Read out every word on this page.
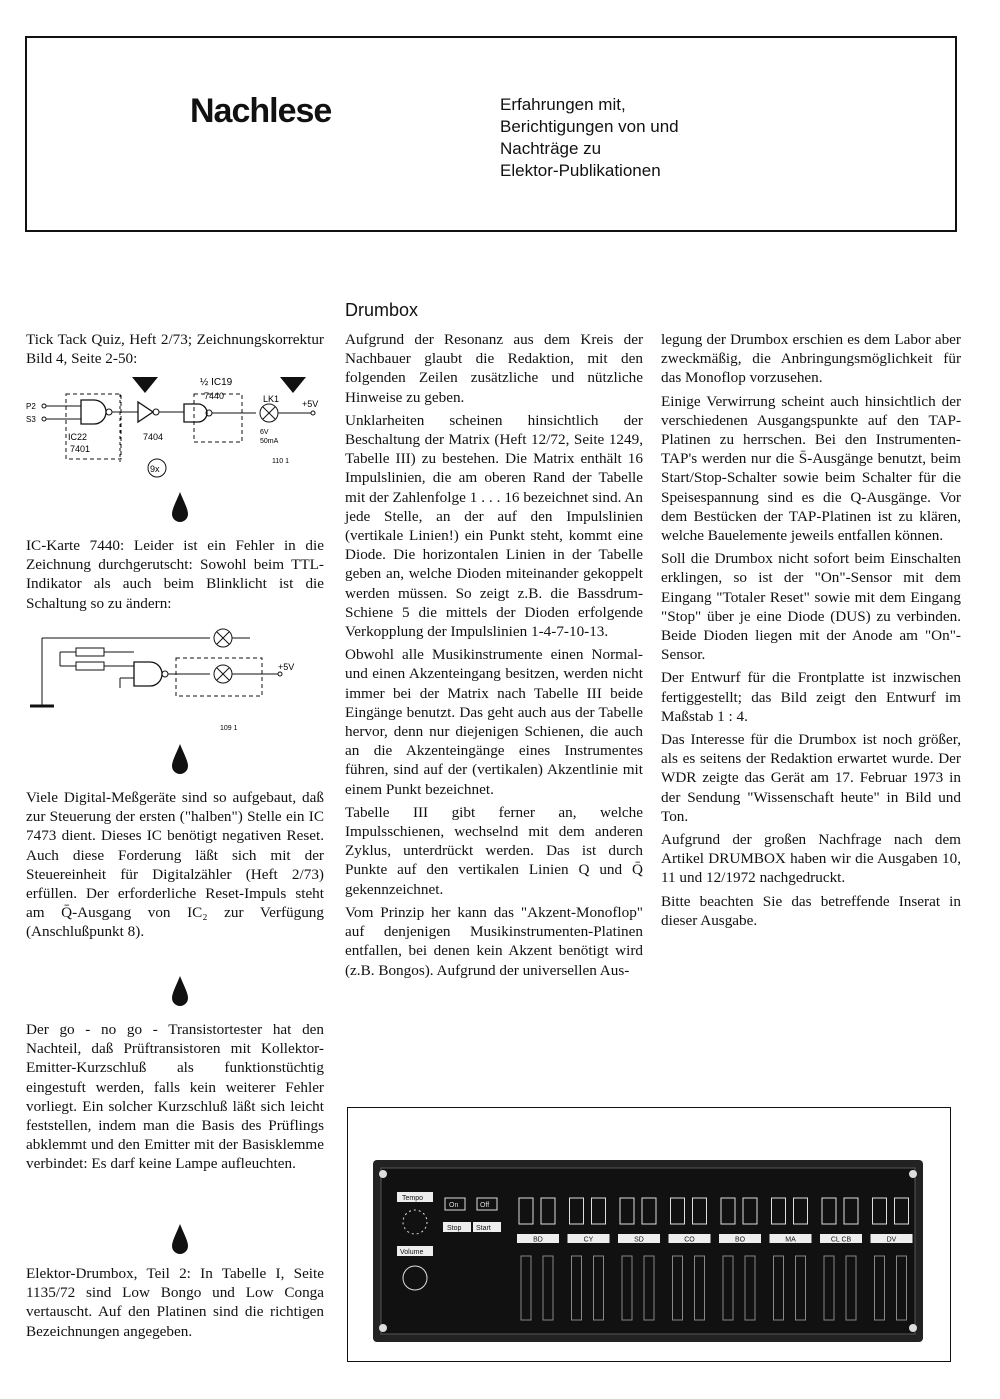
Nachlese	Erfahrungen mit,
Berichtigungen von und
Nachträge zu
Elektor-Publikationen
Tick Tack Quiz, Heft 2/73; Zeichnungskorrektur Bild 4, Seite 2-50:
½ IC19
7440	LK1	+5V
P2
S3
IC22
7401
7404	6V
50mA
9x
110 1
IC-Karte 7440: Leider ist ein Fehler in die Zeichnung durchgerutscht: Sowohl beim TTL-Indikator als auch beim Blinklicht ist die Schaltung so zu ändern:
+5V
109 1
Viele Digital-Meßgeräte sind so aufgebaut, daß zur Steuerung der ersten ("halben") Stelle ein IC 7473 dient. Dieses IC benötigt negativen Reset. Auch diese Forderung läßt sich mit der Steuereinheit für Digitalzähler (Heft 2/73) erfüllen. Der erforderliche Reset-Impuls steht am Q̄-Ausgang von IC₂ zur Verfügung (Anschlußpunkt 8).
Der go - no go - Transistortester hat den Nachteil, daß Prüftransistoren mit Kollektor-Emitter-Kurzschluß als funktionstüchtig eingestuft werden, falls kein weiterer Fehler vorliegt. Ein solcher Kurzschluß läßt sich leicht feststellen, indem man die Basis des Prüflings abklemmt und den Emitter mit der Basisklemme verbindet: Es darf keine Lampe aufleuchten.
Elektor-Drumbox, Teil 2: In Tabelle I, Seite 1135/72 sind Low Bongo und Low Conga vertauscht. Auf den Platinen sind die richtigen Bezeichnungen angegeben.
Drumbox

Aufgrund der Resonanz aus dem Kreis der Nachbauer glaubt die Redaktion, mit den folgenden Zeilen zusätzliche und nützliche Hinweise zu geben.

Unklarheiten scheinen hinsichtlich der Beschaltung der Matrix (Heft 12/72, Seite 1249, Tabelle III) zu bestehen. Die Matrix enthält 16 Impulslinien, die am oberen Rand der Tabelle mit der Zahlenfolge 1 . . . 16 bezeichnet sind. An jede Stelle, an der auf den Impulslinien (vertikale Linien!) ein Punkt steht, kommt eine Diode. Die horizontalen Linien in der Tabelle geben an, welche Dioden miteinander gekoppelt werden müssen. So zeigt z.B. die Bassdrum-Schiene 5 die mittels der Dioden erfolgende Verkopplung der Impulslinien 1-4-7-10-13.

Obwohl alle Musikinstrumente einen Normal- und einen Akzenteingang besitzen, werden nicht immer bei der Matrix nach Tabelle III beide Eingänge benutzt. Das geht auch aus der Tabelle hervor, denn nur diejenigen Schienen, die auch an die Akzenteingänge eines Instrumentes führen, sind auf der (vertikalen) Akzentlinie mit einem Punkt bezeichnet.

Tabelle III gibt ferner an, welche Impulsschienen, wechselnd mit dem anderen Zyklus, unterdrückt werden. Das ist durch Punkte auf den vertikalen Linien Q und Q̄ gekennzeichnet.

Vom Prinzip her kann das "Akzent-Monoflop" auf denjenigen Musikinstrumenten-Platinen entfallen, bei denen kein Akzent benötigt wird (z.B. Bongos). Aufgrund der universellen Aus-

legung der Drumbox erschien es dem Labor aber zweckmäßig, die Anbringungsmöglichkeit für das Monoflop vorzusehen.

Einige Verwirrung scheint auch hinsichtlich der verschiedenen Ausgangspunkte auf den TAP-Platinen zu herrschen. Bei den Instrumenten-TAP's werden nur die S̄-Ausgänge benutzt, beim Start/Stop-Schalter sowie beim Schalter für die Speisespannung sind es die Q-Ausgänge. Vor dem Bestücken der TAP-Platinen ist zu klären, welche Bauelemente jeweils entfallen können.

Soll die Drumbox nicht sofort beim Einschalten erklingen, so ist der "On"-Sensor mit dem Eingang "Totaler Reset" sowie mit dem Eingang "Stop" über je eine Diode (DUS) zu verbinden. Beide Dioden liegen mit der Anode am "On"-Sensor.

Der Entwurf für die Frontplatte ist inzwischen fertiggestellt; das Bild zeigt den Entwurf im Maßstab 1 : 4.

Das Interesse für die Drumbox ist noch größer, als es seitens der Redaktion erwartet wurde. Der WDR zeigte das Gerät am 17. Februar 1973 in der Sendung "Wissenschaft heute" in Bild und Ton.

Aufgrund der großen Nachfrage nach dem Artikel DRUMBOX haben wir die Ausgaben 10, 11 und 12/1972 nachgedruckt.

Bitte beachten Sie das betreffende Inserat in dieser Ausgabe.

Tempo
Volume
On	Off
Stop Start
BD	CY	SD	CO	BO	MA	CL CB	DV
